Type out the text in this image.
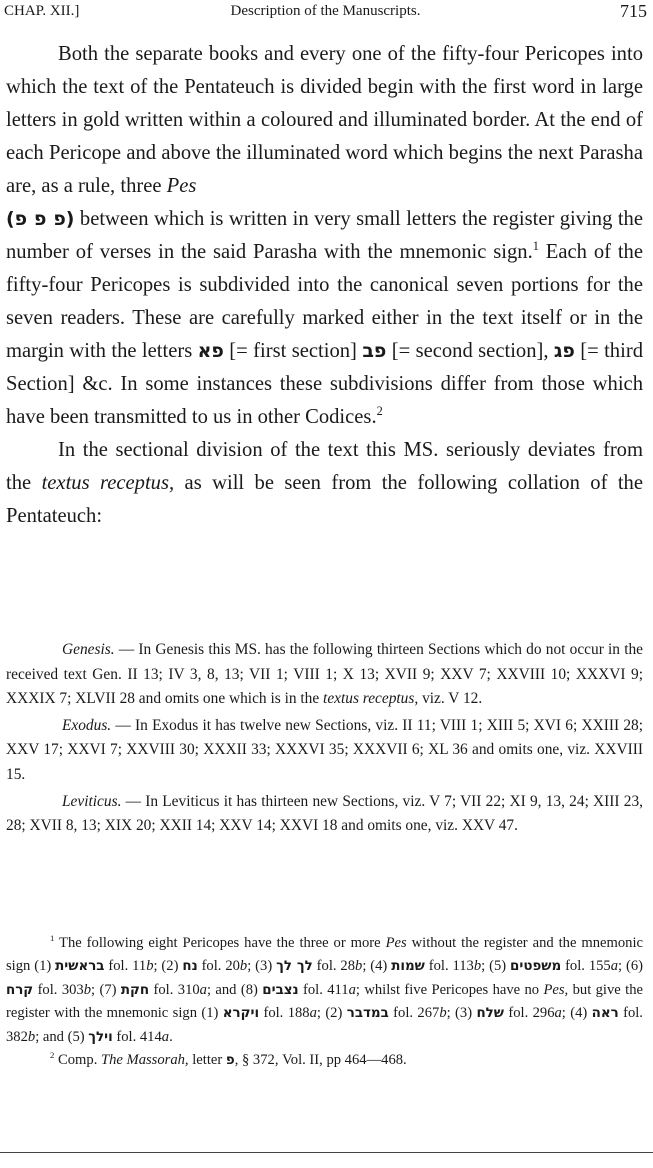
CHAP. XII.]	Description of the Manuscripts.	715

Both the separate books and every one of the fifty-four Pericopes into which the text of the Pentateuch is divided begin with the first word in large letters in gold written within a coloured and illuminated border. At the end of each Pericope and above the illuminated word which begins the next Parasha are, as a rule, three Pes
(פ פ פ) between which is written in very small letters the register giving the number of verses in the said Parasha with the mnemonic sign.$^1$ Each of the fifty-four Pericopes is subdivided into the canonical seven portions for the seven readers. These are carefully marked either in the text itself or in the margin with the letters פא [= first section] פב [= second section], פג [= third Section] &c. In some instances these subdivisions differ from those which have been transmitted to us in other Codices.$^2$

In the sectional division of the text this MS. seriously deviates from the textus receptus, as will be seen from the following collation of the Pentateuch:

Genesis. — In Genesis this MS. has the following thirteen Sections which do not occur in the received text Gen. II 13; IV 3, 8, 13; VII 1; VIII 1; X 13; XVII 9; XXV 7; XXVIII 10; XXXVI 9; XXXIX 7; XLVII 28 and omits one which is in the textus receptus, viz. V 12.

Exodus. — In Exodus it has twelve new Sections, viz. II 11; VIII 1; XIII 5; XVI 6; XXIII 28; XXV 17; XXVI 7; XXVIII 30; XXXII 33; XXXVI 35; XXXVII 6; XL 36 and omits one, viz. XXVIII 15.

Leviticus. — In Leviticus it has thirteen new Sections, viz. V 7; VII 22; XI 9, 13, 24; XIII 23, 28; XVII 8, 13; XIX 20; XXII 14; XXV 14; XXVI 18 and omits one, viz. XXV 47.

$^1$ The following eight Pericopes have the three or more Pes without the register and the mnemonic sign (1) בראשית fol. 11b; (2) נח fol. 20b; (3) לך לך fol. 28b; (4) שמות fol. 113b; (5) משפטים fol. 155a; (6) קרח fol. 303b; (7) חקת fol. 310a; and (8) נצבים fol. 411a; whilst five Pericopes have no Pes, but give the register with the mnemonic sign (1) ויקרא fol. 188a; (2) במדבר fol. 267b; (3) שלח fol. 296a; (4) ראה fol. 382b; and (5) וילך fol. 414a.

$^2$ Comp. The Massorah, letter פ, § 372, Vol. II, pp 464—468.
